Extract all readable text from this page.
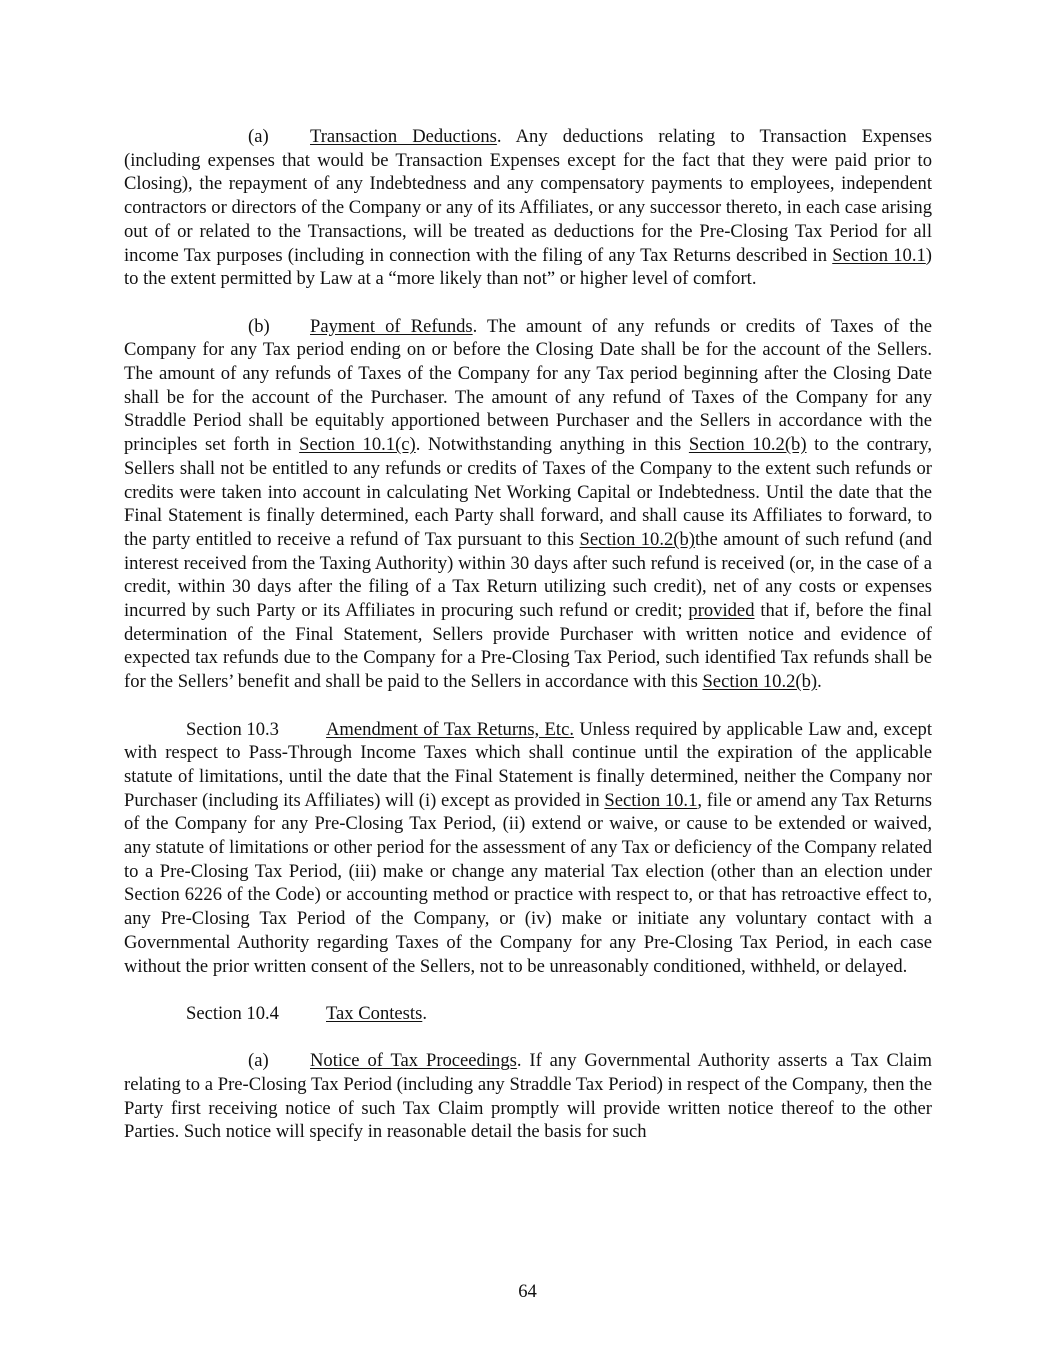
(a) Transaction Deductions. Any deductions relating to Transaction Expenses (including expenses that would be Transaction Expenses except for the fact that they were paid prior to Closing), the repayment of any Indebtedness and any compensatory payments to employees, independent contractors or directors of the Company or any of its Affiliates, or any successor thereto, in each case arising out of or related to the Transactions, will be treated as deductions for the Pre-Closing Tax Period for all income Tax purposes (including in connection with the filing of any Tax Returns described in Section 10.1) to the extent permitted by Law at a “more likely than not” or higher level of comfort.

(b) Payment of Refunds. The amount of any refunds or credits of Taxes of the Company for any Tax period ending on or before the Closing Date shall be for the account of the Sellers. The amount of any refunds of Taxes of the Company for any Tax period beginning after the Closing Date shall be for the account of the Purchaser. The amount of any refund of Taxes of the Company for any Straddle Period shall be equitably apportioned between Purchaser and the Sellers in accordance with the principles set forth in Section 10.1(c). Notwithstanding anything in this Section 10.2(b) to the contrary, Sellers shall not be entitled to any refunds or credits of Taxes of the Company to the extent such refunds or credits were taken into account in calculating Net Working Capital or Indebtedness. Until the date that the Final Statement is finally determined, each Party shall forward, and shall cause its Affiliates to forward, to the party entitled to receive a refund of Tax pursuant to this Section 10.2(b)the amount of such refund (and interest received from the Taxing Authority) within 30 days after such refund is received (or, in the case of a credit, within 30 days after the filing of a Tax Return utilizing such credit), net of any costs or expenses incurred by such Party or its Affiliates in procuring such refund or credit; provided that if, before the final determination of the Final Statement, Sellers provide Purchaser with written notice and evidence of expected tax refunds due to the Company for a Pre-Closing Tax Period, such identified Tax refunds shall be for the Sellers’ benefit and shall be paid to the Sellers in accordance with this Section 10.2(b).

Section 10.3	Amendment of Tax Returns, Etc. Unless required by applicable Law and, except with respect to Pass-Through Income Taxes which shall continue until the expiration of the applicable statute of limitations, until the date that the Final Statement is finally determined, neither the Company nor Purchaser (including its Affiliates) will (i) except as provided in Section 10.1, file or amend any Tax Returns of the Company for any Pre-Closing Tax Period, (ii) extend or waive, or cause to be extended or waived, any statute of limitations or other period for the assessment of any Tax or deficiency of the Company related to a Pre-Closing Tax Period, (iii) make or change any material Tax election (other than an election under Section 6226 of the Code) or accounting method or practice with respect to, or that has retroactive effect to, any Pre-Closing Tax Period of the Company, or (iv) make or initiate any voluntary contact with a Governmental Authority regarding Taxes of the Company for any Pre-Closing Tax Period, in each case without the prior written consent of the Sellers, not to be unreasonably conditioned, withheld, or delayed.

Section 10.4	Tax Contests.

(a) Notice of Tax Proceedings. If any Governmental Authority asserts a Tax Claim relating to a Pre-Closing Tax Period (including any Straddle Tax Period) in respect of the Company, then the Party first receiving notice of such Tax Claim promptly will provide written notice thereof to the other Parties. Such notice will specify in reasonable detail the basis for such

64
